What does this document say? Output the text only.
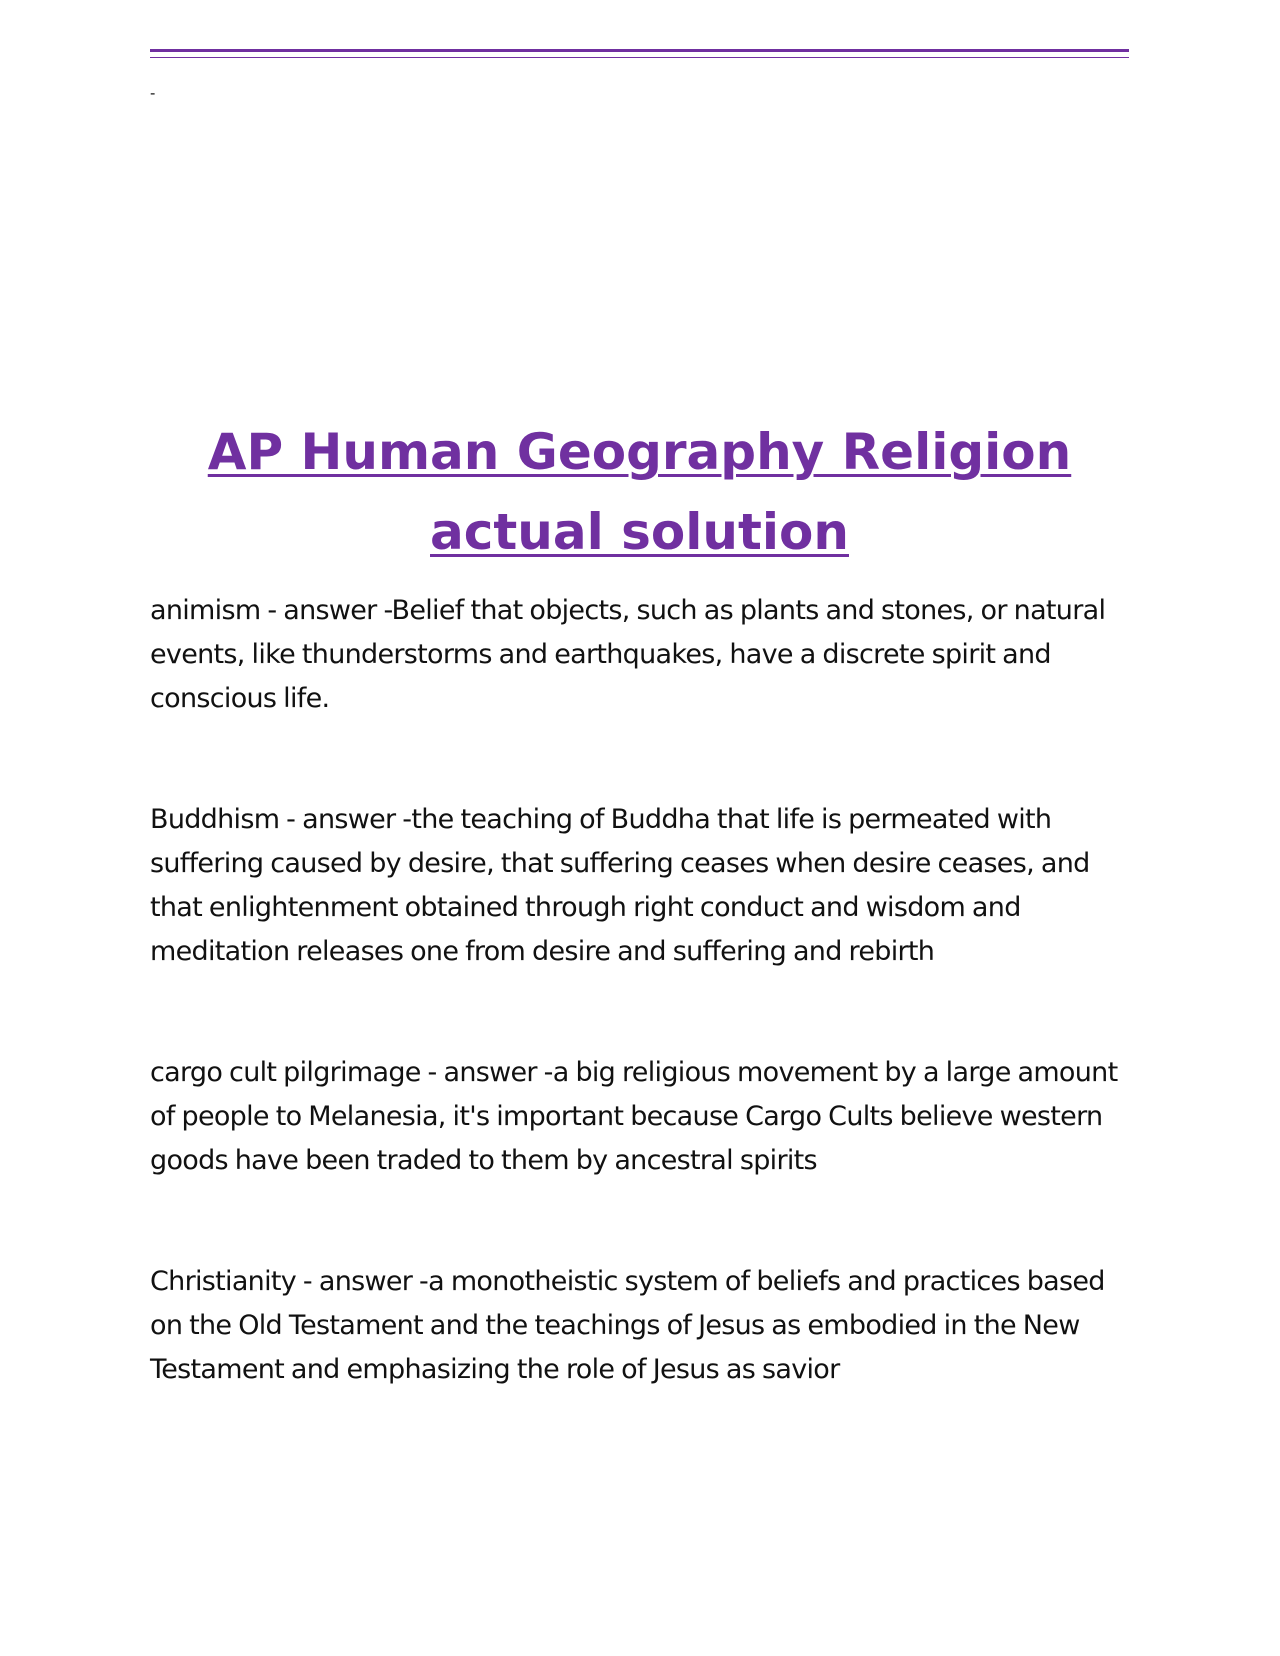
-
AP Human Geography Religion
actual solution

animism - answer -Belief that objects, such as plants and stones, or natural events, like thunderstorms and earthquakes, have a discrete spirit and conscious life.

Buddhism - answer -the teaching of Buddha that life is permeated with suffering caused by desire, that suffering ceases when desire ceases, and that enlightenment obtained through right conduct and wisdom and meditation releases one from desire and suffering and rebirth

cargo cult pilgrimage - answer -a big religious movement by a large amount of people to Melanesia, it's important because Cargo Cults believe western goods have been traded to them by ancestral spirits

Christianity - answer -a monotheistic system of beliefs and practices based on the Old Testament and the teachings of Jesus as embodied in the New Testament and emphasizing the role of Jesus as savior
